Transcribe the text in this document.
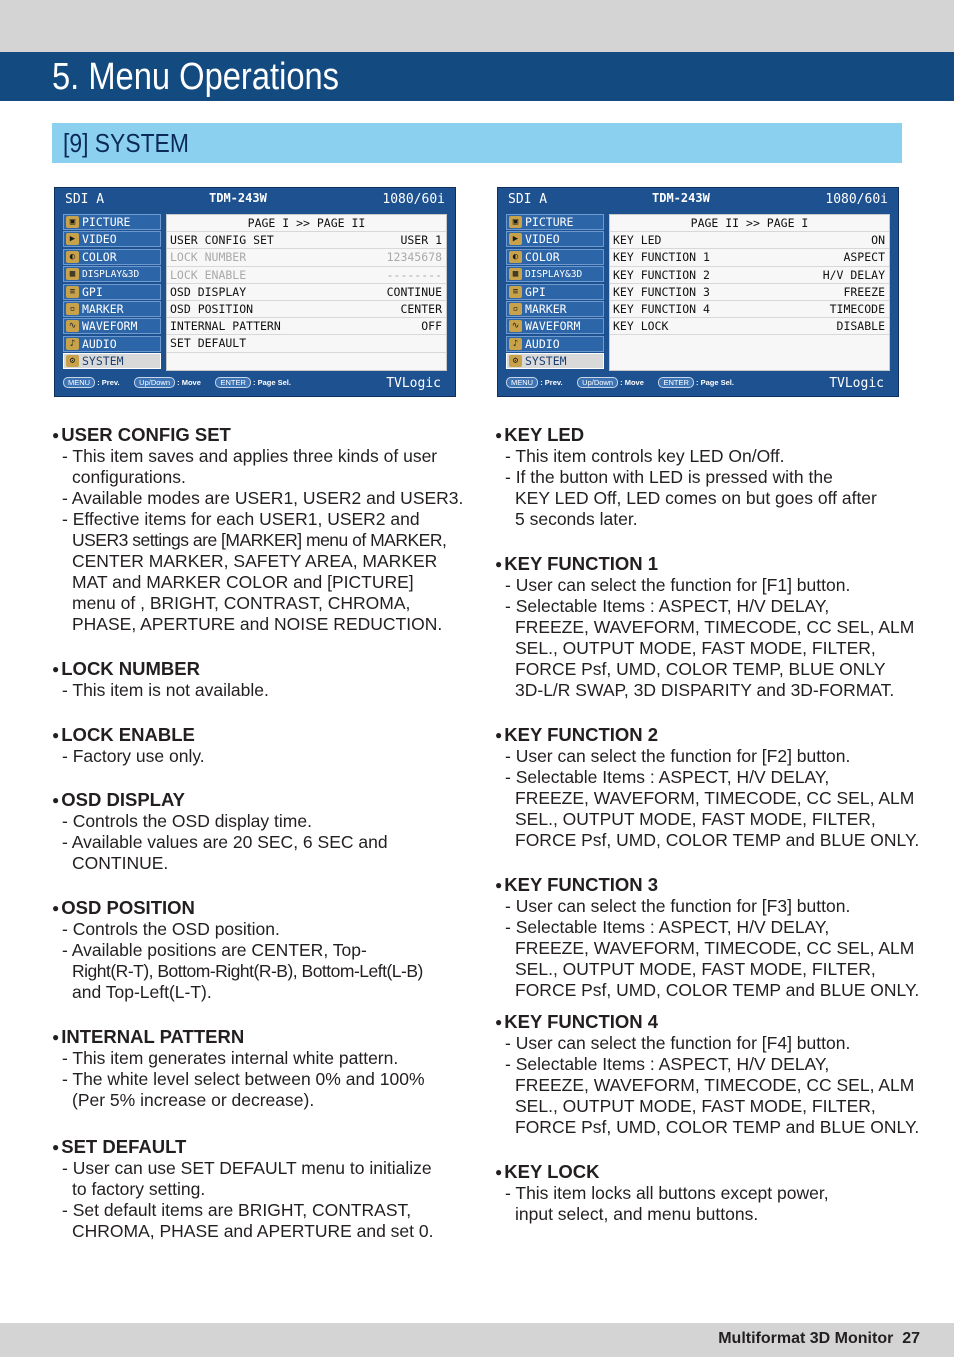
5. Menu Operations
[9] SYSTEM
SDI A	TDM-243W	1080/60i
▣ PICTURE
▶ VIDEO
◐ COLOR
▦ DISPLAY&3D
≡ GPI
▫ MARKER
∿ WAVEFORM
♪ AUDIO
⚙ SYSTEM
PAGE I >> PAGE II
USER CONFIG SET	USER 1
LOCK NUMBER	12345678
LOCK ENABLE	--------
OSD DISPLAY	CONTINUE
OSD POSITION	CENTER
INTERNAL PATTERN	OFF
SET DEFAULT
MENU : Prev.	Up/Down : Move	ENTER : Page Sel.	TVLogic
SDI A	TDM-243W	1080/60i
▣ PICTURE
▶ VIDEO
◐ COLOR
▦ DISPLAY&3D
≡ GPI
▫ MARKER
∿ WAVEFORM
♪ AUDIO
⚙ SYSTEM
PAGE II >> PAGE I
KEY LED	ON
KEY FUNCTION 1	ASPECT
KEY FUNCTION 2	H/V DELAY
KEY FUNCTION 3	FREEZE
KEY FUNCTION 4	TIMECODE
KEY LOCK	DISABLE
MENU : Prev.	Up/Down : Move	ENTER : Page Sel.	TVLogic
● USER CONFIG SET
- This item saves and applies three kinds of user
configurations.
- Available modes are USER1, USER2 and USER3.
- Effective items for each USER1, USER2 and
USER3 settings are [MARKER] menu of MARKER,
CENTER MARKER, SAFETY AREA, MARKER
MAT and MARKER COLOR and [PICTURE]
menu of , BRIGHT, CONTRAST, CHROMA,
PHASE, APERTURE and NOISE REDUCTION.
● LOCK NUMBER
- This item is not available.
● LOCK ENABLE
- Factory use only.
● OSD DISPLAY
- Controls the OSD display time.
- Available values are 20 SEC, 6 SEC and
CONTINUE.
● OSD POSITION
- Controls the OSD position.
- Available positions are CENTER, Top-
Right(R-T), Bottom-Right(R-B), Bottom-Left(L-B)
and Top-Left(L-T).
● INTERNAL PATTERN
- This item generates internal white pattern.
- The white level select between 0% and 100%
(Per 5% increase or decrease).
● SET DEFAULT
- User can use SET DEFAULT menu to initialize
to factory setting.
- Set default items are BRIGHT, CONTRAST,
CHROMA, PHASE and APERTURE and set 0.
● KEY LED
- This item controls key LED On/Off.
- If the button with LED is pressed with the
KEY LED Off, LED comes on but goes off after
5 seconds later.
● KEY FUNCTION 1
- User can select the function for [F1] button.
- Selectable Items : ASPECT, H/V DELAY,
FREEZE, WAVEFORM, TIMECODE, CC SEL, ALM
SEL., OUTPUT MODE, FAST MODE, FILTER,
FORCE Psf, UMD, COLOR TEMP, BLUE ONLY
3D-L/R SWAP, 3D DISPARITY and 3D-FORMAT.
● KEY FUNCTION 2
- User can select the function for [F2] button.
- Selectable Items : ASPECT, H/V DELAY,
FREEZE, WAVEFORM, TIMECODE, CC SEL, ALM
SEL., OUTPUT MODE, FAST MODE, FILTER,
FORCE Psf, UMD, COLOR TEMP and BLUE ONLY.
● KEY FUNCTION 3
- User can select the function for [F3] button.
- Selectable Items : ASPECT, H/V DELAY,
FREEZE, WAVEFORM, TIMECODE, CC SEL, ALM
SEL., OUTPUT MODE, FAST MODE, FILTER,
FORCE Psf, UMD, COLOR TEMP and BLUE ONLY.
● KEY FUNCTION 4
- User can select the function for [F4] button.
- Selectable Items : ASPECT, H/V DELAY,
FREEZE, WAVEFORM, TIMECODE, CC SEL, ALM
SEL., OUTPUT MODE, FAST MODE, FILTER,
FORCE Psf, UMD, COLOR TEMP and BLUE ONLY.
● KEY LOCK
- This item locks all buttons except power,
input select, and menu buttons.
Multiformat 3D Monitor 27
